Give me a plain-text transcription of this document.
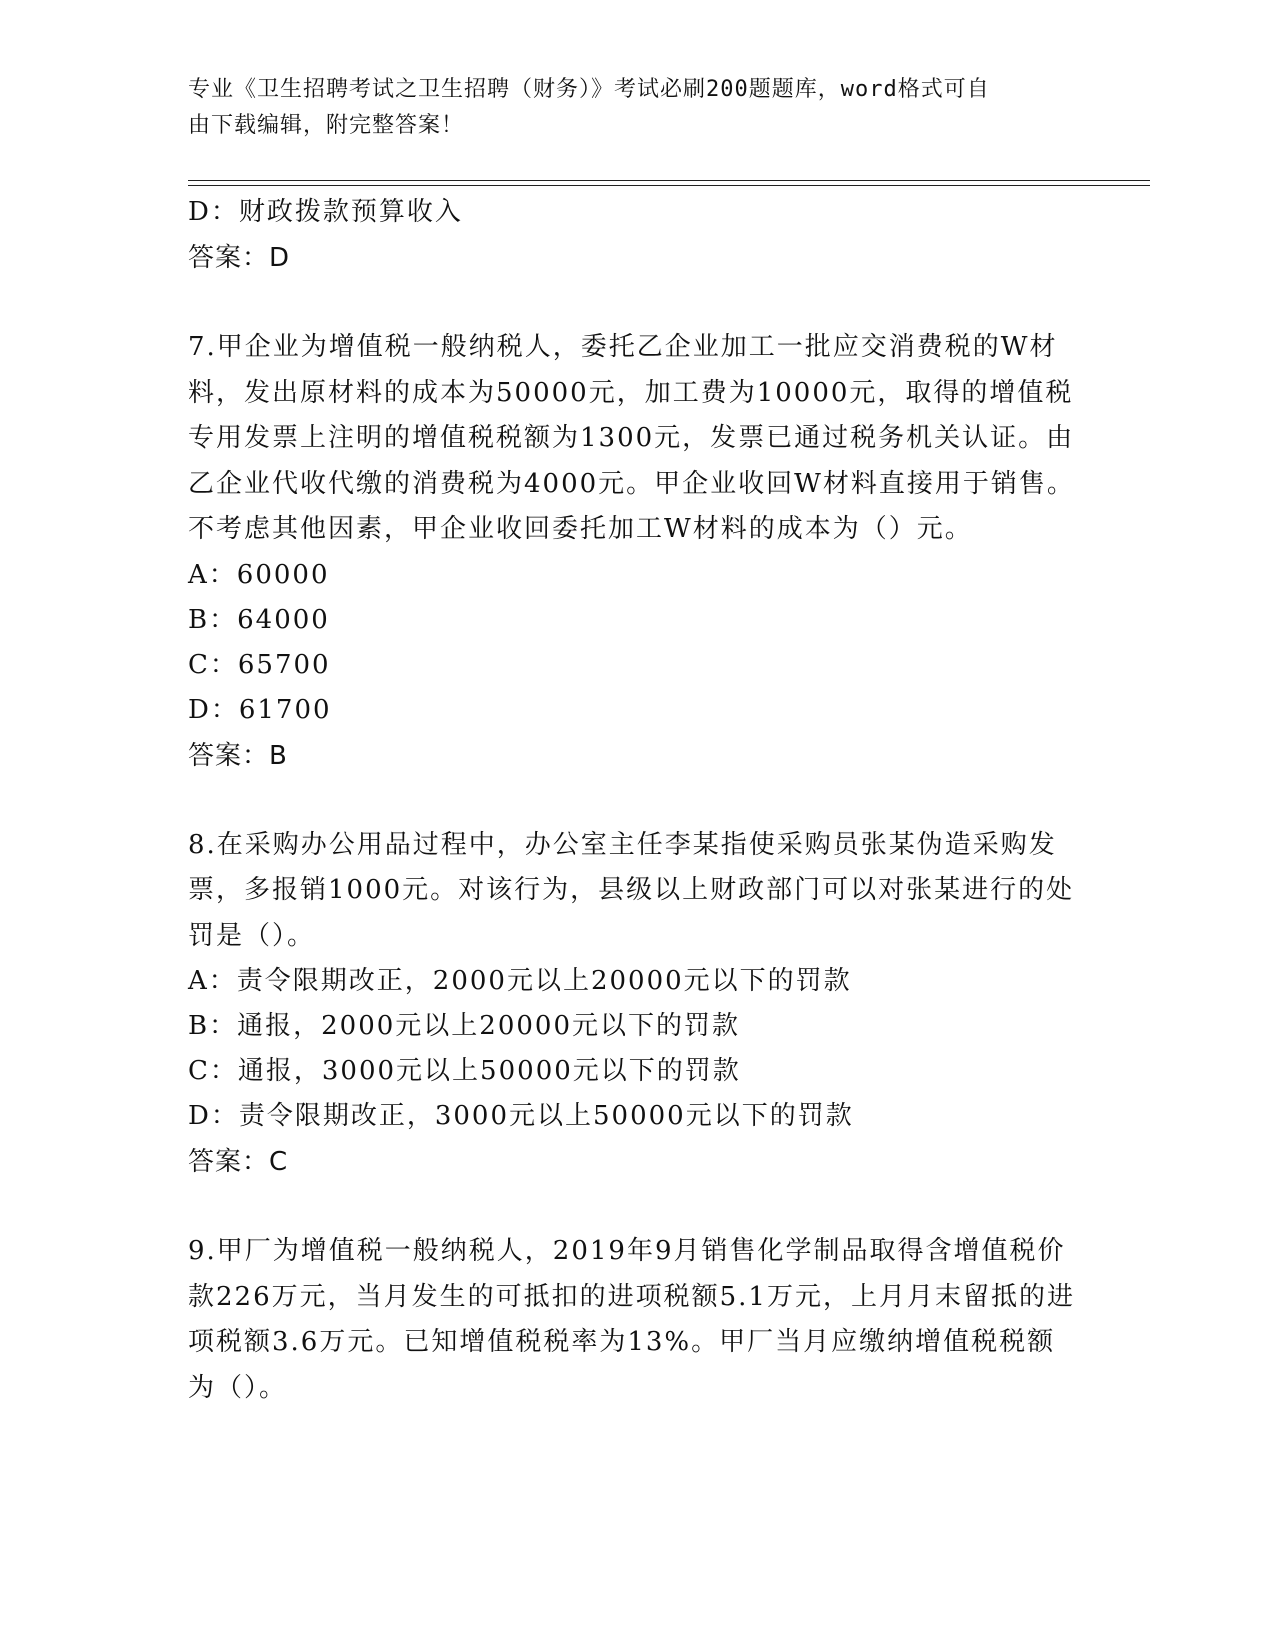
专业《卫生招聘考试之卫生招聘（财务）》考试必刷200题题库，word格式可自
由下载编辑，附完整答案！
D：财政拨款预算收入
答案：D
7.甲企业为增值税一般纳税人，委托乙企业加工一批应交消费税的W材料，发出原材料的成本为50000元，加工费为10000元，取得的增值税专用发票上注明的增值税税额为1300元，发票已通过税务机关认证。由乙企业代收代缴的消费税为4000元。甲企业收回W材料直接用于销售。不考虑其他因素，甲企业收回委托加工W材料的成本为（）元。
A：60000
B：64000
C：65700
D：61700
答案：B
8.在采购办公用品过程中，办公室主任李某指使采购员张某伪造采购发票，多报销1000元。对该行为，县级以上财政部门可以对张某进行的处罚是（）。
A：责令限期改正，2000元以上20000元以下的罚款
B：通报，2000元以上20000元以下的罚款
C：通报，3000元以上50000元以下的罚款
D：责令限期改正，3000元以上50000元以下的罚款
答案：C
9.甲厂为增值税一般纳税人，2019年9月销售化学制品取得含增值税价款226万元，当月发生的可抵扣的进项税额5.1万元，上月月末留抵的进项税额3.6万元。已知增值税税率为13%。甲厂当月应缴纳增值税税额为（）。
